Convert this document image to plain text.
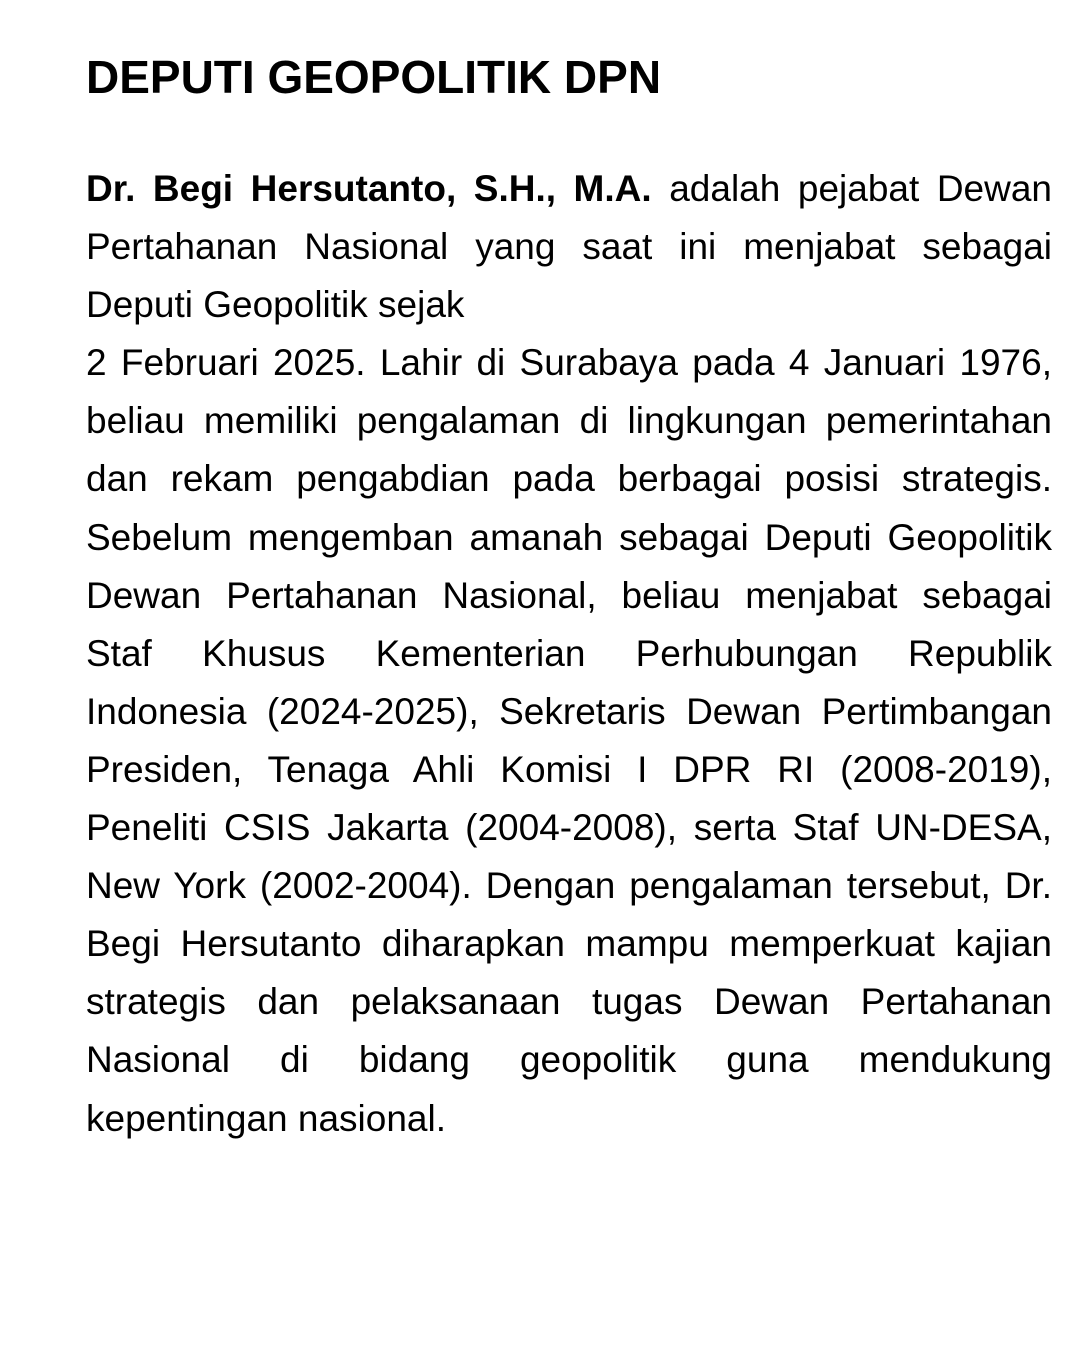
DEPUTI GEOPOLITIK DPN

Dr. Begi Hersutanto, S.H., M.A. adalah pejabat Dewan Pertahanan Nasional yang saat ini menjabat sebagai Deputi Geopolitik sejak
2 Februari 2025. Lahir di Surabaya pada 4 Januari 1976, beliau memiliki pengalaman di lingkungan pemerintahan dan rekam pengabdian pada berbagai posisi strategis. Sebelum mengemban amanah sebagai Deputi Geopolitik Dewan Pertahanan Nasional, beliau menjabat sebagai Staf Khusus Kementerian Perhubungan Republik Indonesia (2024-2025), Sekretaris Dewan Pertimbangan Presiden, Tenaga Ahli Komisi I DPR RI (2008-2019), Peneliti CSIS Jakarta (2004-2008), serta Staf UN-DESA, New York (2002-2004). Dengan pengalaman tersebut, Dr. Begi Hersutanto diharapkan mampu memperkuat kajian strategis dan pelaksanaan tugas Dewan Pertahanan Nasional di bidang geopolitik guna mendukung kepentingan nasional.
